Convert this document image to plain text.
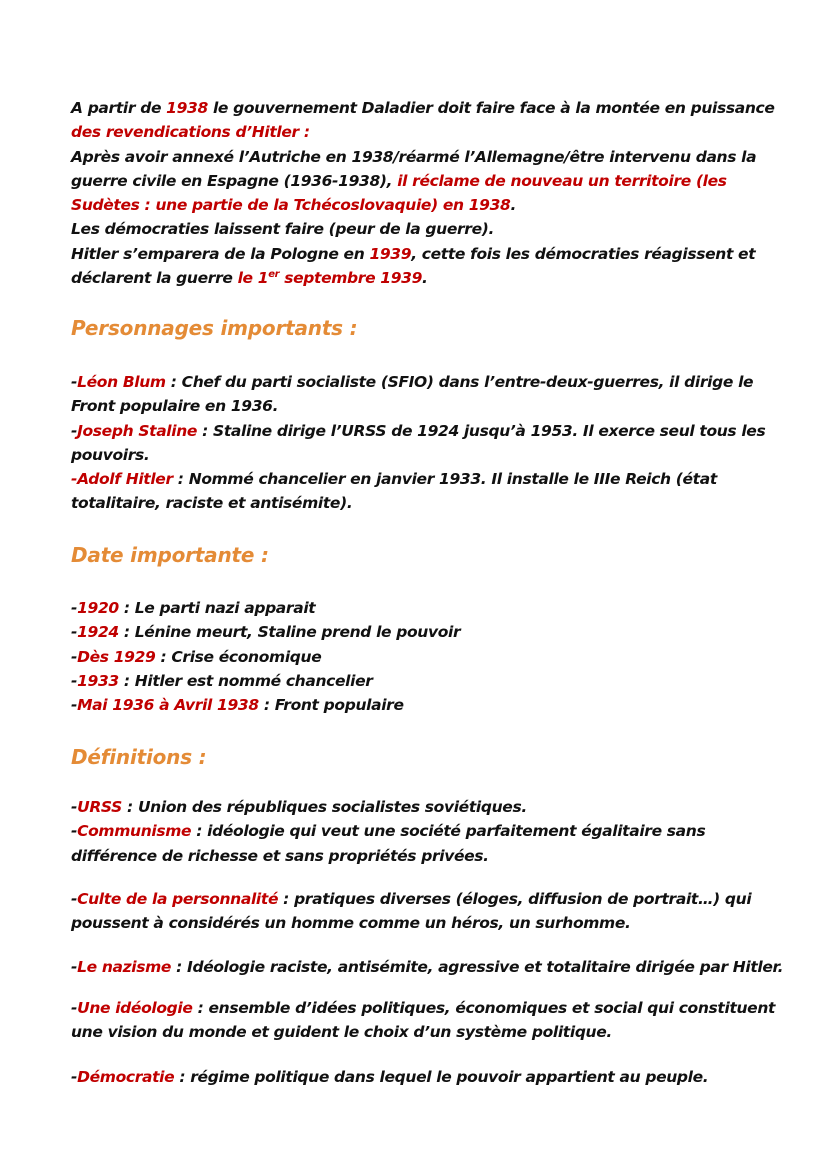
A partir de 1938 le gouvernement Daladier doit faire face à la montée en puissance
des revendications d’Hitler :
Après avoir annexé l’Autriche en 1938/réarmé l’Allemagne/être intervenu dans la
guerre civile en Espagne (1936-1938), il réclame de nouveau un territoire (les
Sudètes : une partie de la Tchécoslovaquie) en 1938.
Les démocraties laissent faire (peur de la guerre).
Hitler s’emparera de la Pologne en 1939, cette fois les démocraties réagissent et
déclarent la guerre le 1er septembre 1939.
Personnages importants :
-Léon Blum : Chef du parti socialiste (SFIO) dans l’entre-deux-guerres, il dirige le
Front populaire en 1936.
-Joseph Staline : Staline dirige l’URSS de 1924 jusqu’à 1953. Il exerce seul tous les
pouvoirs.
-Adolf Hitler : Nommé chancelier en janvier 1933. Il installe le IIIe Reich (état
totalitaire, raciste et antisémite).
Date importante :
-1920 : Le parti nazi apparait
-1924 : Lénine meurt, Staline prend le pouvoir
-Dès 1929 : Crise économique
-1933 : Hitler est nommé chancelier
-Mai 1936 à Avril 1938 : Front populaire
Définitions :
-URSS : Union des républiques socialistes soviétiques.
-Communisme : idéologie qui veut une société parfaitement égalitaire sans
différence de richesse et sans propriétés privées.
-Culte de la personnalité : pratiques diverses (éloges, diffusion de portrait…) qui
poussent à considérés un homme comme un héros, un surhomme.
-Le nazisme : Idéologie raciste, antisémite, agressive et totalitaire dirigée par Hitler.
-Une idéologie : ensemble d’idées politiques, économiques et social qui constituent
une vision du monde et guident le choix d’un système politique.
-Démocratie : régime politique dans lequel le pouvoir appartient au peuple.
